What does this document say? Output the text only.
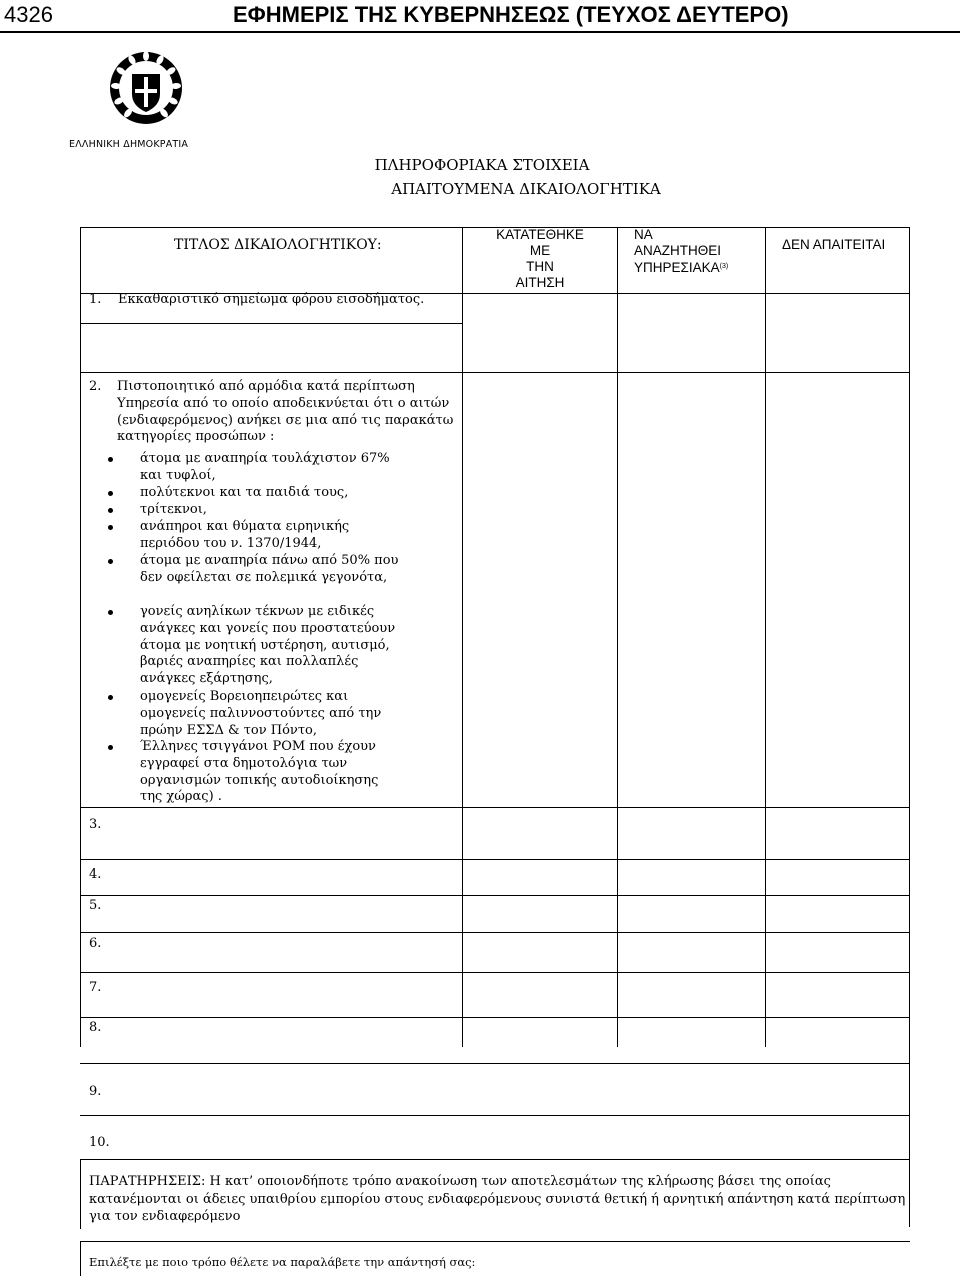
4326	ΕΦΗΜΕΡΙΣ ΤΗΣ ΚΥΒΕΡΝΗΣΕΩΣ (ΤΕΥΧΟΣ ΔΕΥΤΕΡΟ)
ΕΛΛΗΝΙΚΗ ΔΗΜΟΚΡΑΤΙΑ
ΠΛΗΡΟΦΟΡΙΑΚΑ ΣΤΟΙΧΕΙΑ
ΑΠΑΙΤΟΥΜΕΝΑ ΔΙΚΑΙΟΛΟΓΗΤΙΚΑ
ΤΙΤΛΟΣ ΔΙΚΑΙΟΛΟΓΗΤΙΚΟΥ:
ΚΑΤΑΤΕΘΗΚΕ
ΜΕ
ΤΗΝ
ΑΙΤΗΣΗ
ΝΑ
ΑΝΑΖΗΤΗΘΕΙ
ΥΠΗΡΕΣΙΑΚΑ$^{(3)}$
ΔΕΝ ΑΠΑΙΤΕΙΤΑΙ
1. Εκκαθαριστικό σημείωμα φόρου εισοδήματος.
2. Πιστοποιητικό από αρμόδια κατά περίπτωση Υπηρεσία από το οποίο αποδεικνύεται ότι ο αιτών (ενδιαφερόμενος) ανήκει σε μια από τις παρακάτω κατηγορίες προσώπων :
άτομα με αναπηρία τουλάχιστον 67% και τυφλοί,
πολύτεκνοι και τα παιδιά τους,
τρίτεκνοι,
ανάπηροι και θύματα ειρηνικής περιόδου του ν. 1370/1944,
άτομα με αναπηρία πάνω από 50% που δεν οφείλεται σε πολεμικά γεγονότα,
γονείς ανηλίκων τέκνων με ειδικές ανάγκες και γονείς που προστατεύουν άτομα με νοητική υστέρηση, αυτισμό, βαριές αναπηρίες και πολλαπλές ανάγκες εξάρτησης,
ομογενείς Βορειοηπειρώτες και ομογενείς παλιννοστούντες από την πρώην ΕΣΣΔ & τον Πόντο,
Έλληνες τσιγγάνοι ΡΟΜ που έχουν εγγραφεί στα δημοτολόγια των οργανισμών τοπικής αυτοδιοίκησης της χώρας) .
3.
4.
5.
6.
7.
8.
9.
10.
ΠΑΡΑΤΗΡΗΣΕΙΣ: Η κατ’ οποιονδήποτε τρόπο ανακοίνωση των αποτελεσμάτων της κλήρωσης βάσει της οποίας κατανέμονται οι άδειες υπαιθρίου εμπορίου στους ενδιαφερόμενους συνιστά θετική ή αρνητική απάντηση κατά περίπτωση για τον ενδιαφερόμενο
Επιλέξτε με ποιο τρόπο θέλετε να παραλάβετε την απάντησή σας:
